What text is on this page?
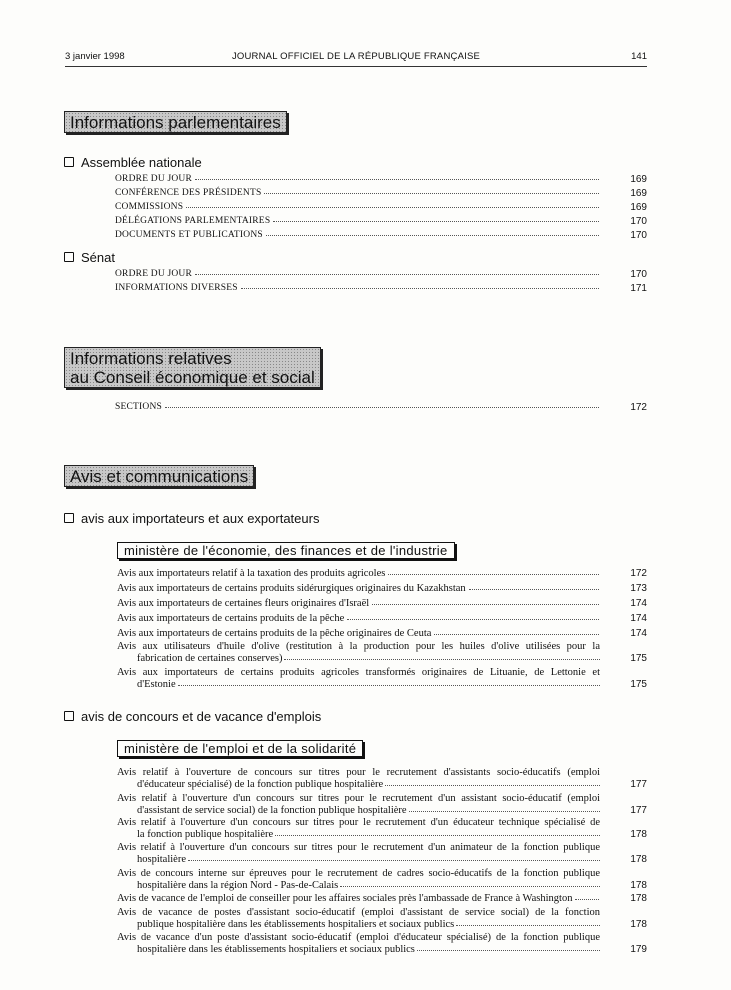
3 janvier 1998	JOURNAL OFFICIEL DE LA RÉPUBLIQUE FRANÇAISE	141
Informations parlementaires
Assemblée nationale
ORDRE DU JOUR	169
CONFÉRENCE DES PRÉSIDENTS	169
COMMISSIONS	169
DÉLÉGATIONS PARLEMENTAIRES	170
DOCUMENTS ET PUBLICATIONS	170
Sénat
ORDRE DU JOUR	170
INFORMATIONS DIVERSES	171
Informations relatives
au Conseil économique et social
SECTIONS	172
Avis et communications
avis aux importateurs et aux exportateurs
ministère de l'économie, des finances et de l'industrie
Avis aux importateurs relatif à la taxation des produits agricoles	172
Avis aux importateurs de certains produits sidérurgiques originaires du Kazakhstan	173
Avis aux importateurs de certaines fleurs originaires d'Israël	174
Avis aux importateurs de certains produits de la pêche	174
Avis aux importateurs de certains produits de la pêche originaires de Ceuta	174
Avis aux utilisateurs d'huile d'olive (restitution à la production pour les huiles d'olive utilisées pour la
fabrication de certaines conserves)	175
Avis aux importateurs de certains produits agricoles transformés originaires de Lituanie, de Lettonie et
d'Estonie	175
avis de concours et de vacance d'emplois
ministère de l'emploi et de la solidarité
Avis relatif à l'ouverture de concours sur titres pour le recrutement d'assistants socio-éducatifs (emploi
d'éducateur spécialisé) de la fonction publique hospitalière	177
Avis relatif à l'ouverture d'un concours sur titres pour le recrutement d'un assistant socio-éducatif (emploi
d'assistant de service social) de la fonction publique hospitalière	177
Avis relatif à l'ouverture d'un concours sur titres pour le recrutement d'un éducateur technique spécialisé de
la fonction publique hospitalière	178
Avis relatif à l'ouverture d'un concours sur titres pour le recrutement d'un animateur de la fonction publique
hospitalière	178
Avis de concours interne sur épreuves pour le recrutement de cadres socio-éducatifs de la fonction publique
hospitalière dans la région Nord - Pas-de-Calais	178
Avis de vacance de l'emploi de conseiller pour les affaires sociales près l'ambassade de France à Washington	178
Avis de vacance de postes d'assistant socio-éducatif (emploi d'assistant de service social) de la fonction
publique hospitalière dans les établissements hospitaliers et sociaux publics	178
Avis de vacance d'un poste d'assistant socio-éducatif (emploi d'éducateur spécialisé) de la fonction publique
hospitalière dans les établissements hospitaliers et sociaux publics	179
